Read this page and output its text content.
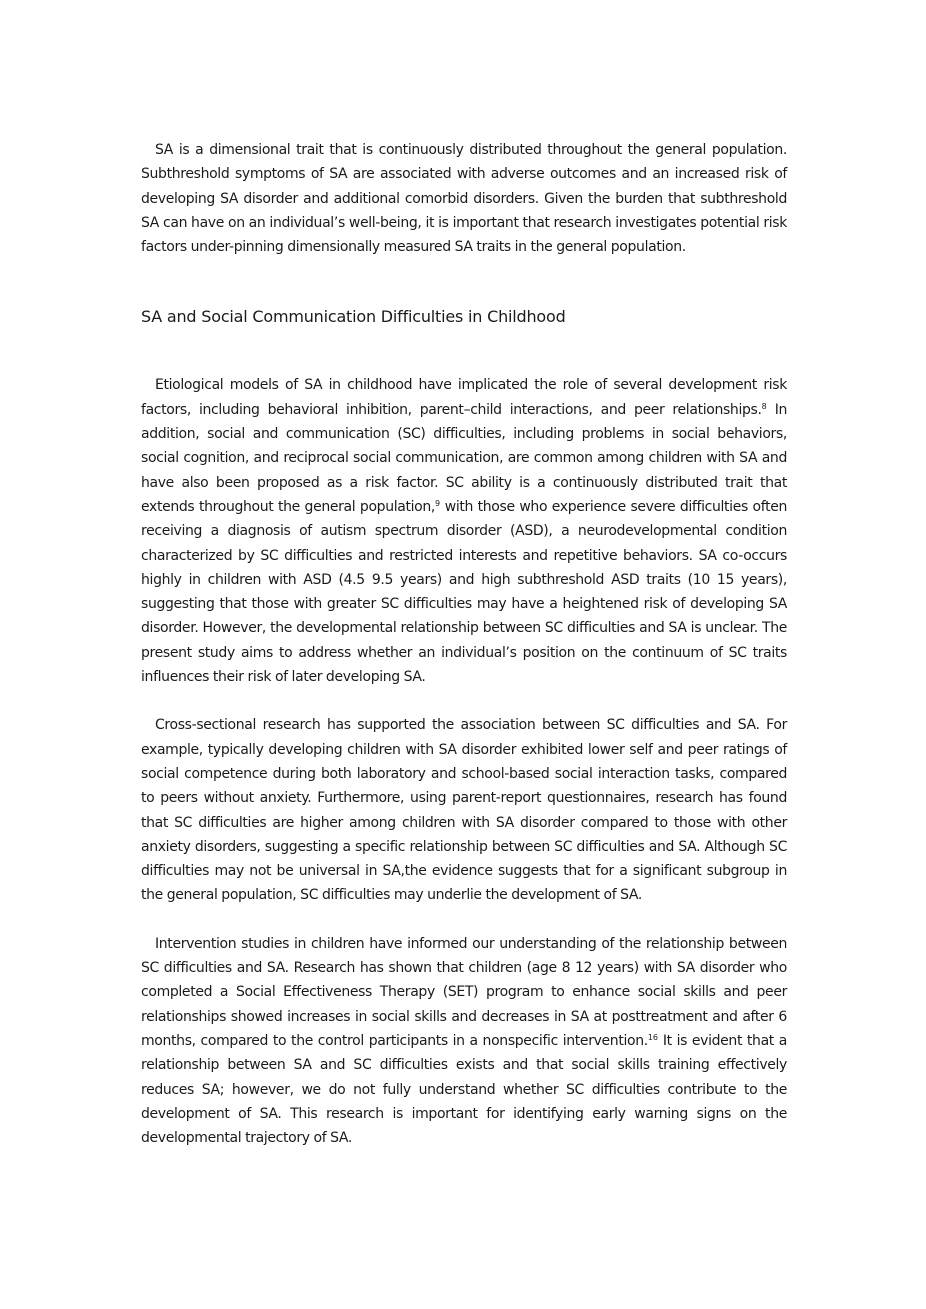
SA is a dimensional trait that is continuously distributed throughout the general population. Subthreshold symptoms of SA are associated with adverse outcomes and an increased risk of developing SA disorder and additional comorbid disorders. Given the burden that subthreshold SA can have on an individual’s well-being, it is important that research investigates potential risk factors under-pinning dimensionally measured SA traits in the general population.

SA and Social Communication Difficulties in Childhood

Etiological models of SA in childhood have implicated the role of several development risk factors, including behavioral inhibition, parent–child interactions, and peer relationships.$^8$ In addition, social and communication (SC) difficulties, including problems in social behaviors, social cognition, and reciprocal social communication, are common among children with SA and have also been proposed as a risk factor. SC ability is a continuously distributed trait that extends throughout the general population,$^9$ with those who experience severe difficulties often receiving a diagnosis of autism spectrum disorder (ASD), a neurodevelopmental condition characterized by SC difficulties and restricted interests and repetitive behaviors. SA co-occurs highly in children with ASD (4.5 9.5 years) and high subthreshold ASD traits (10 15 years), suggesting that those with greater SC difficulties may have a heightened risk of developing SA disorder. However, the developmental relationship between SC difficulties and SA is unclear. The present study aims to address whether an individual’s position on the continuum of SC traits influences their risk of later developing SA.

Cross-sectional research has supported the association between SC difficulties and SA. For example, typically developing children with SA disorder exhibited lower self and peer ratings of social competence during both laboratory and school-based social interaction tasks, compared to peers without anxiety. Furthermore, using parent-report questionnaires, research has found that SC difficulties are higher among children with SA disorder compared to those with other anxiety disorders, suggesting a specific relationship between SC difficulties and SA. Although SC difficulties may not be universal in SA,the evidence suggests that for a significant subgroup in the general population, SC difficulties may underlie the development of SA.

Intervention studies in children have informed our understanding of the relationship between SC difficulties and SA. Research has shown that children (age 8 12 years) with SA disorder who completed a Social Effectiveness Therapy (SET) program to enhance social skills and peer relationships showed increases in social skills and decreases in SA at posttreatment and after 6 months, compared to the control participants in a nonspecific intervention.$^{16}$ It is evident that a relationship between SA and SC difficulties exists and that social skills training effectively reduces SA; however, we do not fully understand whether SC difficulties contribute to the development of SA. This research is important for identifying early warning signs on the developmental trajectory of SA.
